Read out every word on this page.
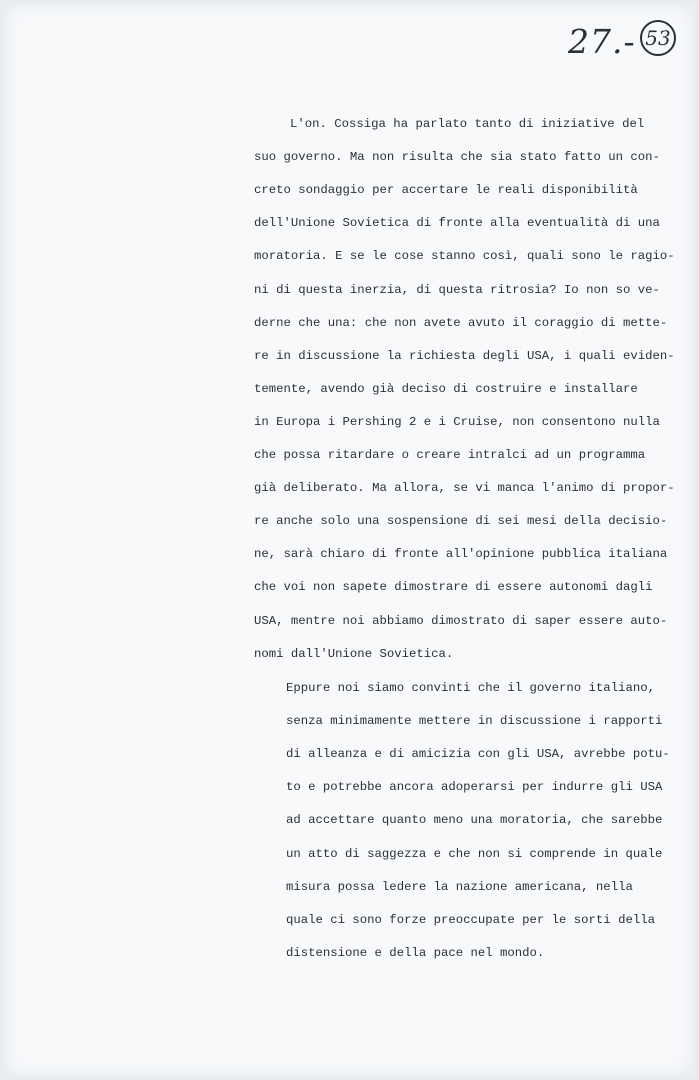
27.- 53
L'on. Cossiga ha parlato tanto di iniziative del
suo governo. Ma non risulta che sia stato fatto un con-
creto sondaggio per accertare le reali disponibilità
dell'Unione Sovietica di fronte alla eventualità di una
moratoria. E se le cose stanno così, quali sono le ragio-
ni di questa inerzia, di questa ritrosia? Io non so ve-
derne che una: che non avete avuto il coraggio di mette-
re in discussione la richiesta degli USA, i quali eviden-
temente, avendo già deciso di costruire e installare
in Europa i Pershing 2 e i Cruise, non consentono nulla
che possa ritardare o creare intralci ad un programma
già deliberato. Ma allora, se vi manca l'animo di propor-
re anche solo una sospensione di sei mesi della decisio-
ne, sarà chiaro di fronte all'opinione pubblica italiana
che voi non sapete dimostrare di essere autonomi dagli
USA, mentre noi abbiamo dimostrato di saper essere auto-
nomi dall'Unione Sovietica.
Eppure noi siamo convinti che il governo italiano,
senza minimamente mettere in discussione i rapporti
di alleanza e di amicizia con gli USA, avrebbe potu-
to e potrebbe ancora adoperarsi per indurre gli USA
ad accettare quanto meno una moratoria, che sarebbe
un atto di saggezza e che non si comprende in quale
misura possa ledere la nazione americana, nella
quale ci sono forze preoccupate per le sorti della
distensione e della pace nel mondo.
